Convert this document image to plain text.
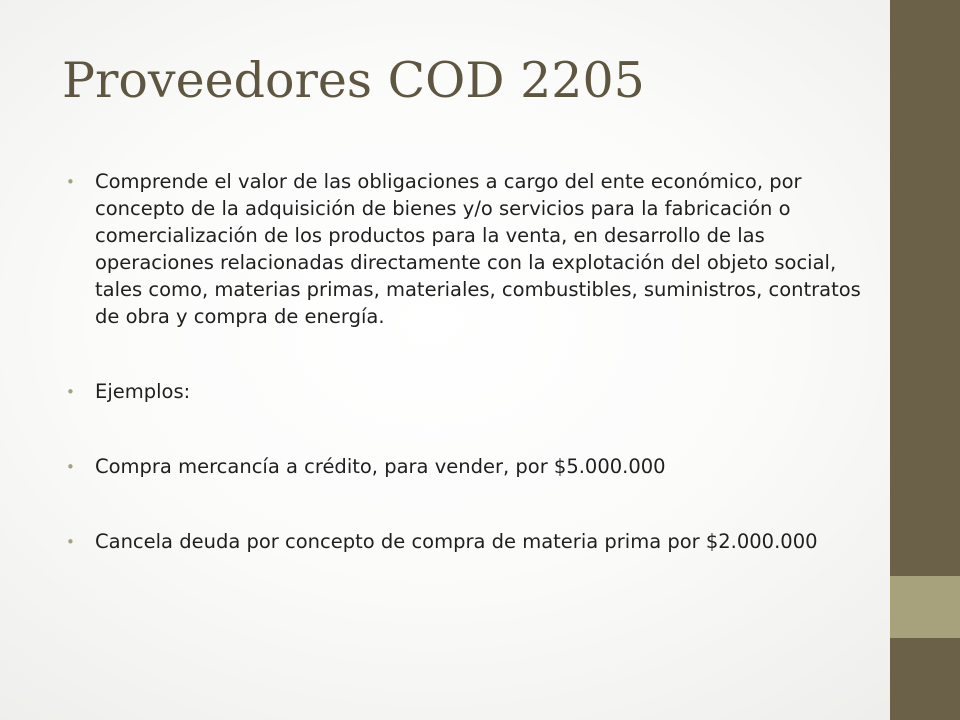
Proveedores COD 2205
• Comprende el valor de las obligaciones a cargo del ente económico, por concepto de la adquisición de bienes y/o servicios para la fabricación o comercialización de los productos para la venta, en desarrollo de las operaciones relacionadas directamente con la explotación del objeto social, tales como, materias primas, materiales, combustibles, suministros, contratos de obra y compra de energía.
• Ejemplos:
• Compra mercancía a crédito, para vender, por $5.000.000
• Cancela deuda por concepto de compra de materia prima por $2.000.000
